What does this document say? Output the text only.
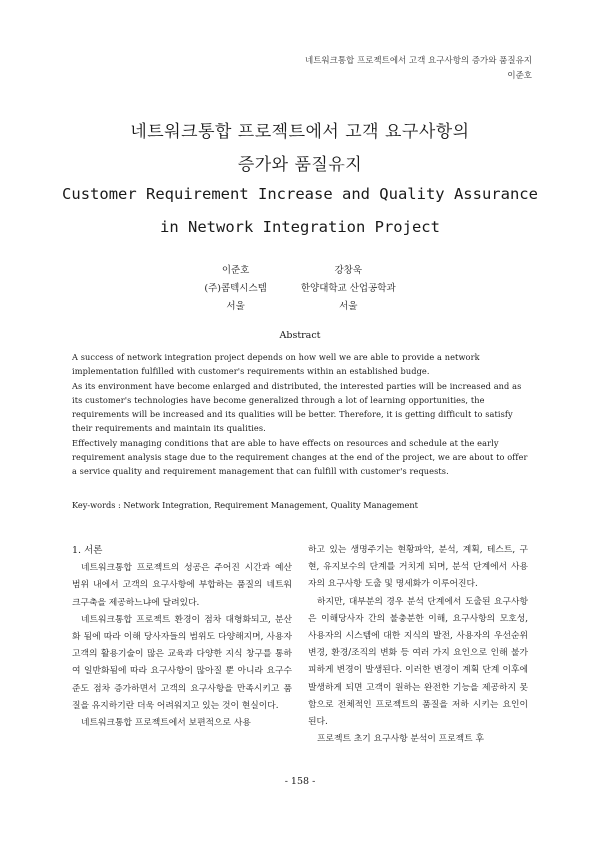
네트워크통합 프로젝트에서 고객 요구사항의 증가와 품질유지
이준호
네트워크통합 프로젝트에서 고객 요구사항의
증가와 품질유지
Customer Requirement Increase and Quality Assurance
in Network Integration Project
이준호
(주)콤텍시스템
서울
강창욱
한양대학교 산업공학과
서울
Abstract

A success of network integration project depends on how well we are able to provide a network implementation fulfilled with customer's requirements within an established budge.

As its environment have become enlarged and distributed, the interested parties will be increased and as its customer's technologies have become generalized through a lot of learning opportunities, the requirements will be increased and its qualities will be better. Therefore, it is getting difficult to satisfy their requirements and maintain its qualities.

Effectively managing conditions that are able to have effects on resources and schedule at the early requirement analysis stage due to the requirement changes at the end of the project, we are about to offer a service quality and requirement management that can fulfill with customer's requests.

Key-words : Network Integration, Requirement Management, Quality Management
1. 서론

네트워크통합 프로젝트의 성공은 주어진 시간과 예산 범위 내에서 고객의 요구사항에 부합하는 품질의 네트워크구축을 제공하느냐에 달려있다.

네트워크통합 프로젝트 환경이 점차 대형화되고, 분산화 됨에 따라 이해 당사자들의 범위도 다양해지며, 사용자 고객의 활용기술이 많은 교육과 다양한 지식 창구를 통하여 일반화됨에 따라 요구사항이 많아질 뿐 아니라 요구수준도 점차 증가하면서 고객의 요구사항을 만족시키고 품질을 유지하기란 더욱 어려워지고 있는 것이 현실이다.

네트워크통합 프로젝트에서 보편적으로 사용

하고 있는 생명주기는 현황파악, 분석, 계획, 테스트, 구현, 유지보수의 단계를 거치게 되며, 분석 단계에서 사용자의 요구사항 도출 및 명세화가 이루어진다.

하지만, 대부분의 경우 분석 단계에서 도출된 요구사항은 이해당사자 간의 불충분한 이해, 요구사항의 모호성, 사용자의 시스템에 대한 지식의 발전, 사용자의 우선순위 변경, 환경/조직의 변화 등 여러 가지 요인으로 인해 불가피하게 변경이 발생된다. 이러한 변경이 계획 단계 이후에 발생하게 되면 고객이 원하는 완전한 기능을 제공하지 못함으로 전체적인 프로젝트의 품질을 저하 시키는 요인이 된다.

프로젝트 초기 요구사항 분석이 프로젝트 후

- 158 -
